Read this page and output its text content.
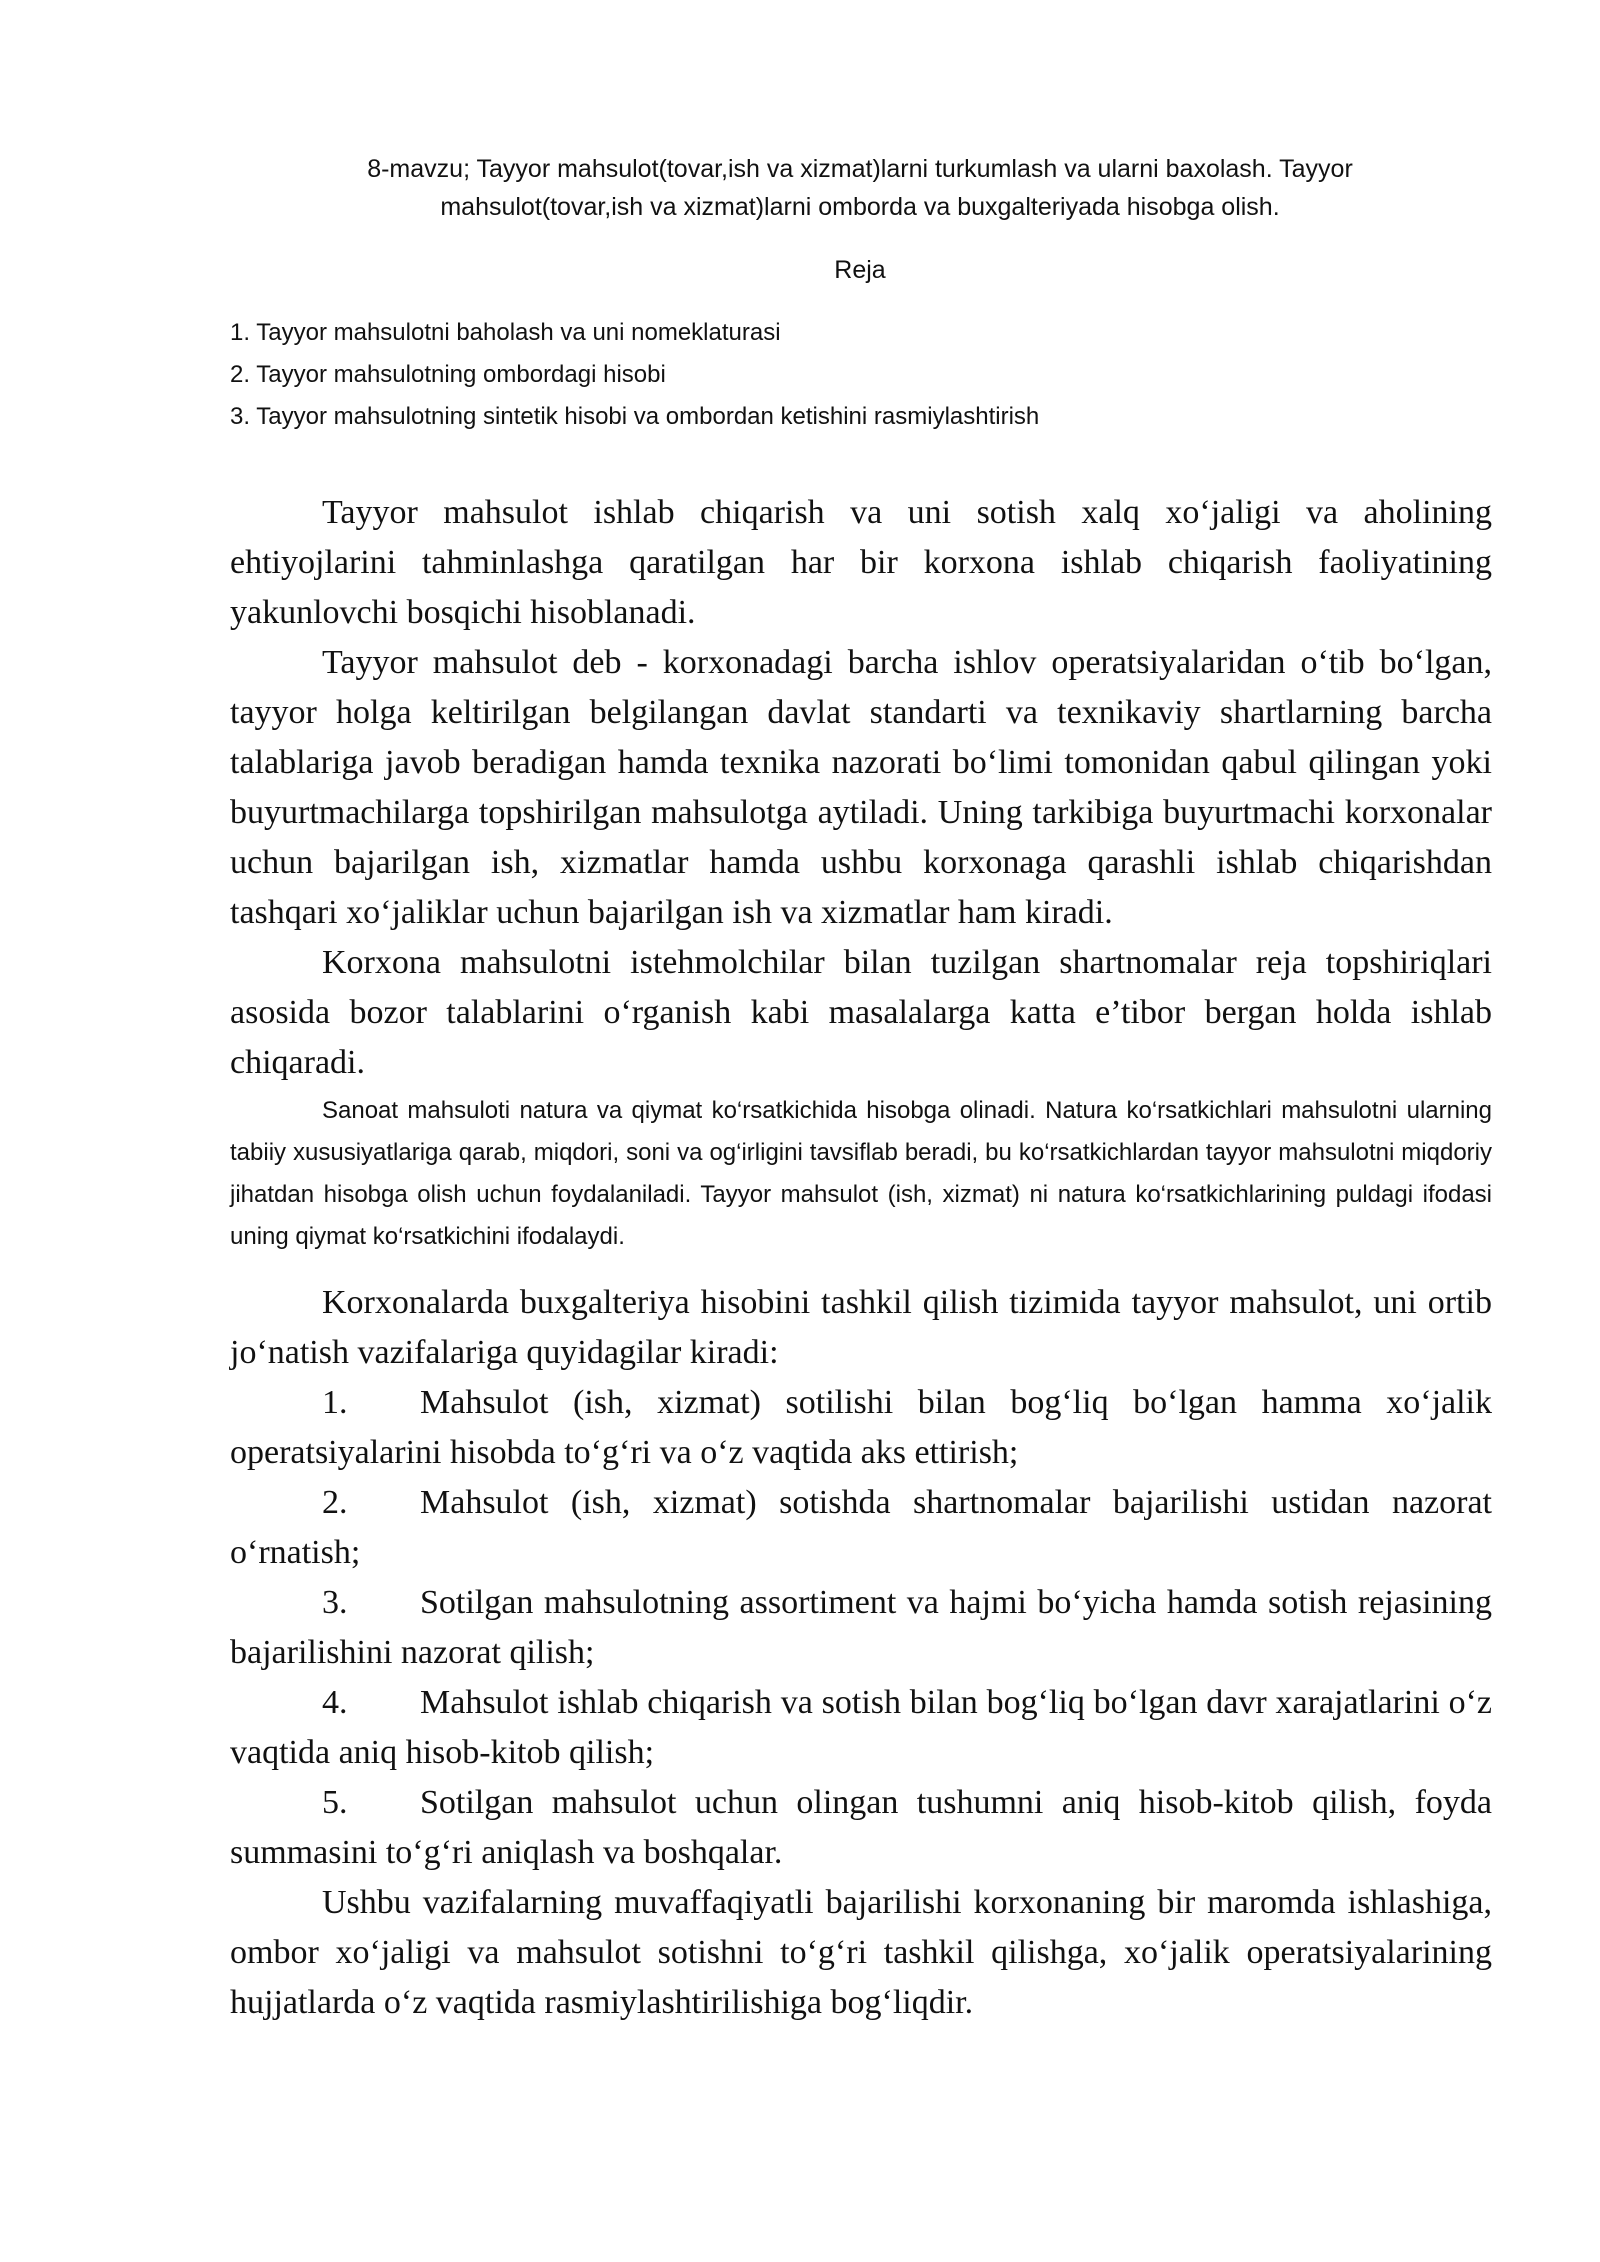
8-mavzu; Tayyor mahsulot(tovar,ish va xizmat)larni turkumlash va ularni baxolash. Tayyor
mahsulot(tovar,ish va xizmat)larni omborda va buxgalteriyada hisobga olish.
Reja
1. Tayyor mahsulotni baholash va uni nomeklaturasi
2. Tayyor mahsulotning ombordagi hisobi
3. Tayyor mahsulotning sintetik hisobi va ombordan ketishini rasmiylashtirish

Tayyor mahsulot ishlab chiqarish va uni sotish xalq xo‘jaligi va aholining ehtiyojlarini tahminlashga qaratilgan har bir korxona ishlab chiqarish faoliyatining yakunlovchi bosqichi hisoblanadi.

Tayyor mahsulot deb - korxonadagi barcha ishlov operatsiyalaridan o‘tib bo‘lgan, tayyor holga keltirilgan belgilangan davlat standarti va texnikaviy shartlarning barcha talablariga javob beradigan hamda texnika nazorati bo‘limi tomonidan qabul qilingan yoki buyurtmachilarga topshirilgan mahsulotga aytiladi. Uning tarkibiga buyurtmachi korxonalar uchun bajarilgan ish, xizmatlar hamda ushbu korxonaga qarashli ishlab chiqarishdan tashqari xo‘jaliklar uchun bajarilgan ish va xizmatlar ham kiradi.

Korxona mahsulotni istehmolchilar bilan tuzilgan shartnomalar reja topshiriqlari asosida bozor talablarini o‘rganish kabi masalalarga katta e’tibor bergan holda ishlab chiqaradi.

Sanoat mahsuloti natura va qiymat ko‘rsatkichida hisobga olinadi. Natura ko‘rsatkichlari mahsulotni ularning tabiiy xususiyatlariga qarab, miqdori, soni va og‘irligini tavsiflab beradi, bu ko‘rsatkichlardan tayyor mahsulotni miqdoriy jihatdan hisobga olish uchun foydalaniladi. Tayyor mahsulot (ish, xizmat) ni natura ko‘rsatkichlarining puldagi ifodasi uning qiymat ko‘rsatkichini ifodalaydi.

Korxonalarda buxgalteriya hisobini tashkil qilish tizimida tayyor mahsulot, uni ortib jo‘natish vazifalariga quyidagilar kiradi:

1. Mahsulot (ish, xizmat) sotilishi bilan bog‘liq bo‘lgan hamma xo‘jalik operatsiyalarini hisobda to‘g‘ri va o‘z vaqtida aks ettirish;

2. Mahsulot (ish, xizmat) sotishda shartnomalar bajarilishi ustidan nazorat o‘rnatish;

3. Sotilgan mahsulotning assortiment va hajmi bo‘yicha hamda sotish rejasining bajarilishini nazorat qilish;

4. Mahsulot ishlab chiqarish va sotish bilan bog‘liq bo‘lgan davr xarajatlarini o‘z vaqtida aniq hisob-kitob qilish;

5. Sotilgan mahsulot uchun olingan tushumni aniq hisob-kitob qilish, foyda summasini to‘g‘ri aniqlash va boshqalar.

Ushbu vazifalarning muvaffaqiyatli bajarilishi korxonaning bir maromda ishlashiga, ombor xo‘jaligi va mahsulot sotishni to‘g‘ri tashkil qilishga, xo‘jalik operatsiyalarining hujjatlarda o‘z vaqtida rasmiylashtirilishiga bog‘liqdir.
